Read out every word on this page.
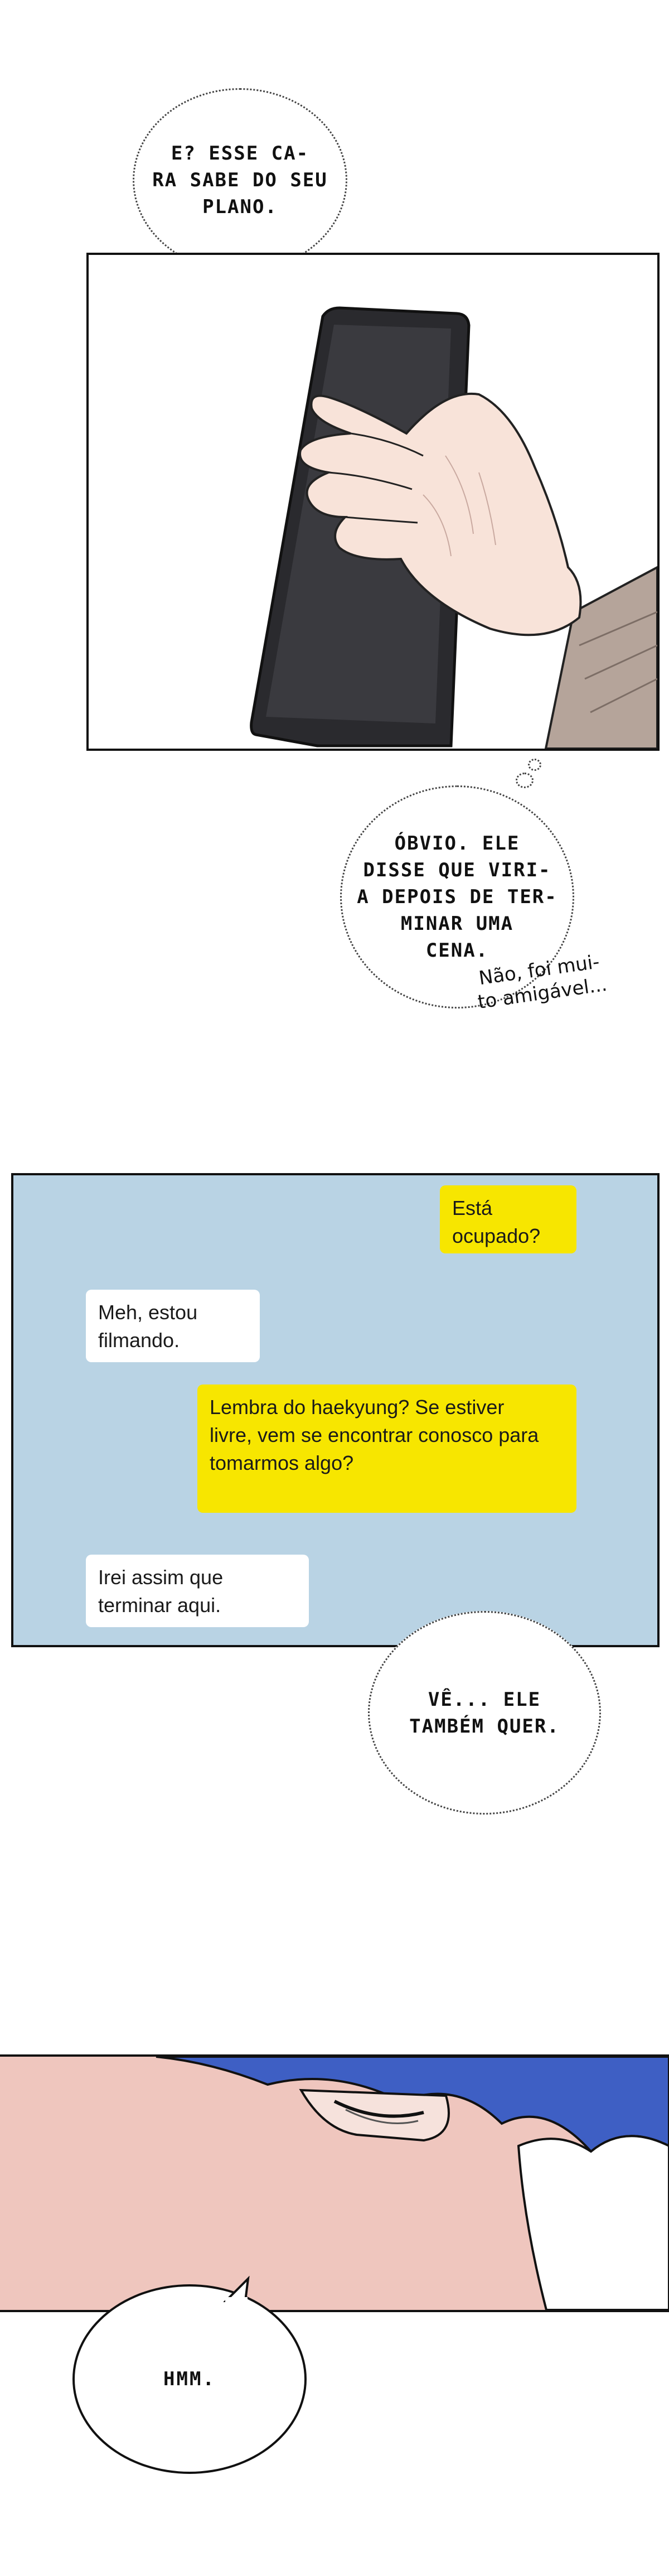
E? ESSE CA-
RA SABE DO SEU
PLANO.
ÓBVIO. ELE
DISSE QUE VIRI-
A DEPOIS DE TER-
MINAR UMA
CENA.
Não, foi mui-
to amigável...
Está
ocupado?
Meh, estou
filmando.
Lembra do haekyung? Se estiver
livre, vem se encontrar conosco para
tomarmos algo?
Irei assim que
terminar aqui.
VÊ... ELE
TAMBÉM QUER.
HMM.
